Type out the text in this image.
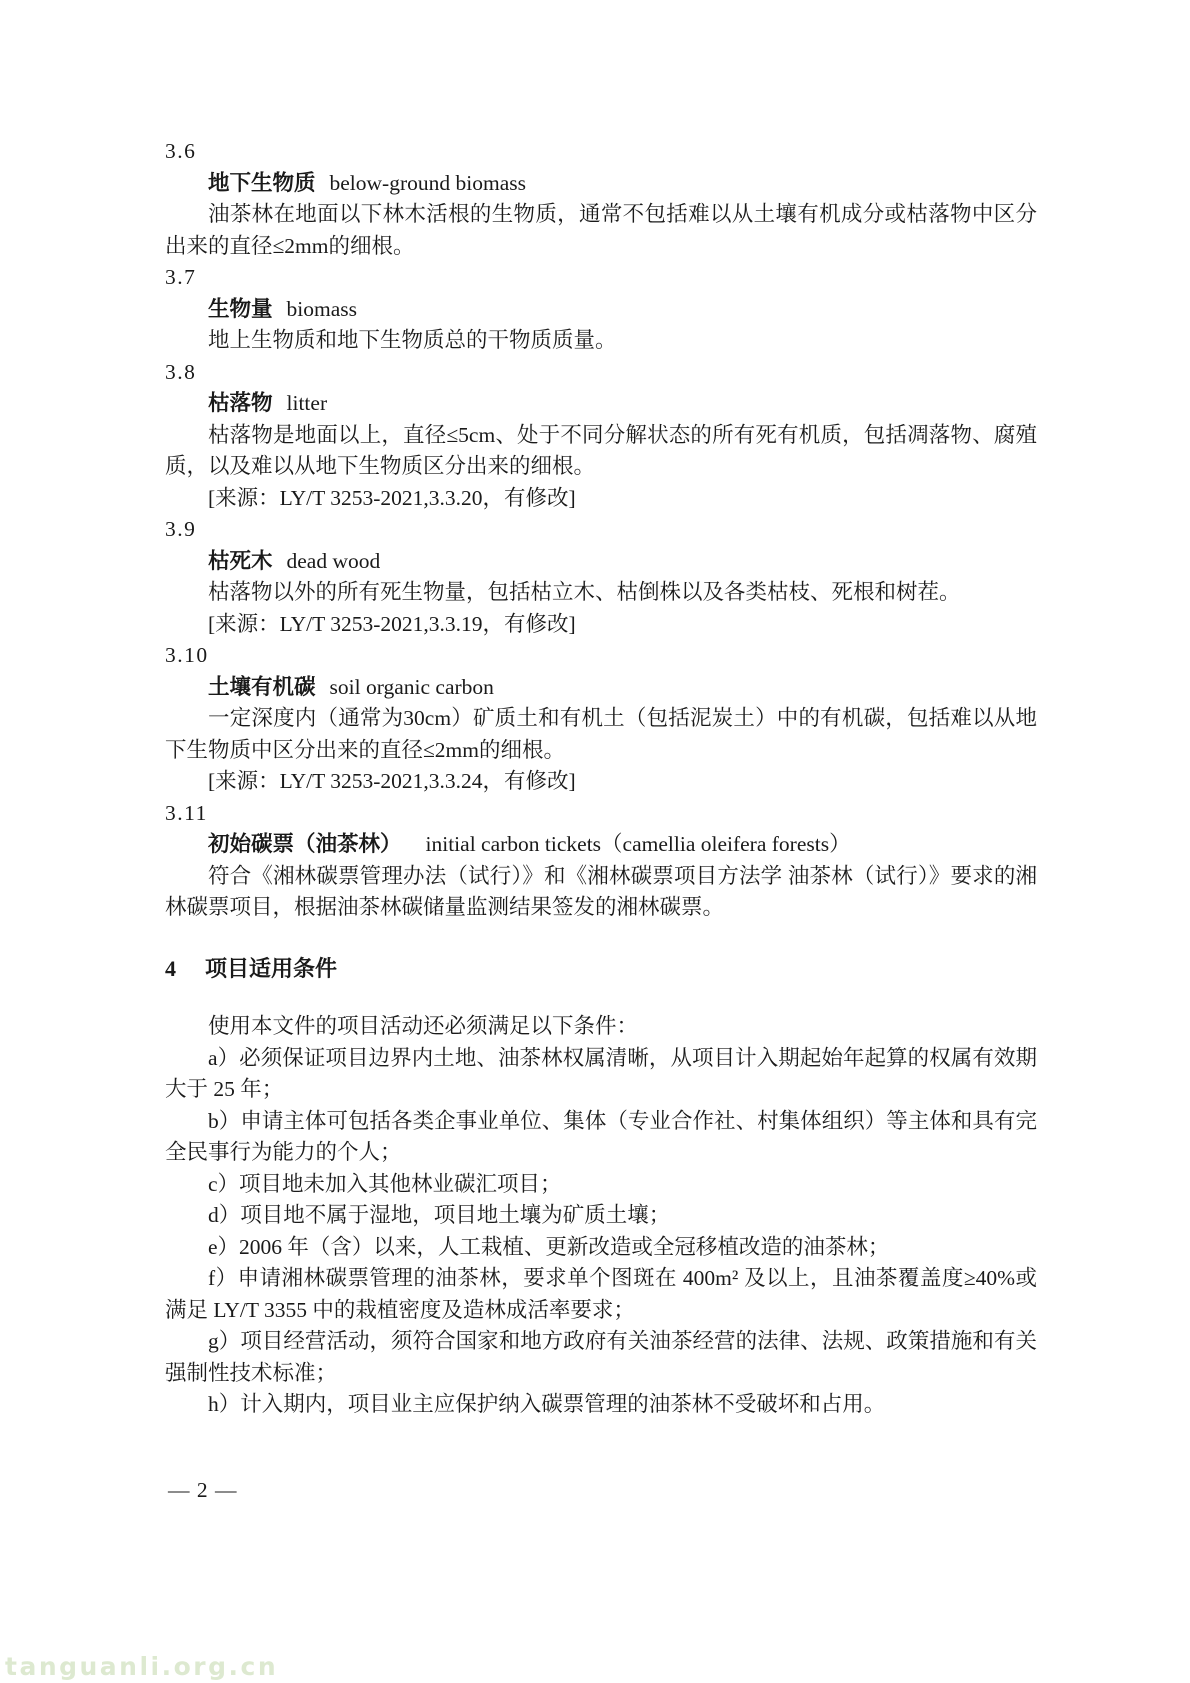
3.6
地下生物质 below-ground biomass

油茶林在地面以下林木活根的生物质，通常不包括难以从土壤有机成分或枯落物中区分出来的直径≤2mm的细根。

3.7
生物量 biomass

地上生物质和地下生物质总的干物质质量。

3.8
枯落物 litter

枯落物是地面以上，直径≤5cm、处于不同分解状态的所有死有机质，包括凋落物、腐殖质，以及难以从地下生物质区分出来的细根。

[来源：LY/T 3253-2021,3.3.20，有修改]

3.9
枯死木 dead wood

枯落物以外的所有死生物量，包括枯立木、枯倒株以及各类枯枝、死根和树茬。

[来源：LY/T 3253-2021,3.3.19，有修改]

3.10
土壤有机碳 soil organic carbon

一定深度内（通常为30cm）矿质土和有机土（包括泥炭土）中的有机碳，包括难以从地下生物质中区分出来的直径≤2mm的细根。

[来源：LY/T 3253-2021,3.3.24，有修改]

3.11
初始碳票（油茶林） initial carbon tickets（camellia oleifera forests）

符合《湘林碳票管理办法（试行）》和《湘林碳票项目方法学 油茶林（试行）》要求的湘林碳票项目，根据油茶林碳储量监测结果签发的湘林碳票。

4 项目适用条件

使用本文件的项目活动还必须满足以下条件：

a）必须保证项目边界内土地、油茶林权属清晰，从项目计入期起始年起算的权属有效期大于 25 年；

b）申请主体可包括各类企事业单位、集体（专业合作社、村集体组织）等主体和具有完全民事行为能力的个人；

c）项目地未加入其他林业碳汇项目；

d）项目地不属于湿地，项目地土壤为矿质土壤；

e）2006 年（含）以来，人工栽植、更新改造或全冠移植改造的油茶林；

f）申请湘林碳票管理的油茶林，要求单个图斑在 400m² 及以上，且油茶覆盖度≥40%或满足 LY/T 3355 中的栽植密度及造林成活率要求；

g）项目经营活动，须符合国家和地方政府有关油茶经营的法律、法规、政策措施和有关强制性技术标准；

h）计入期内，项目业主应保护纳入碳票管理的油茶林不受破坏和占用。

— 2 —
tanguanli.org.cn
